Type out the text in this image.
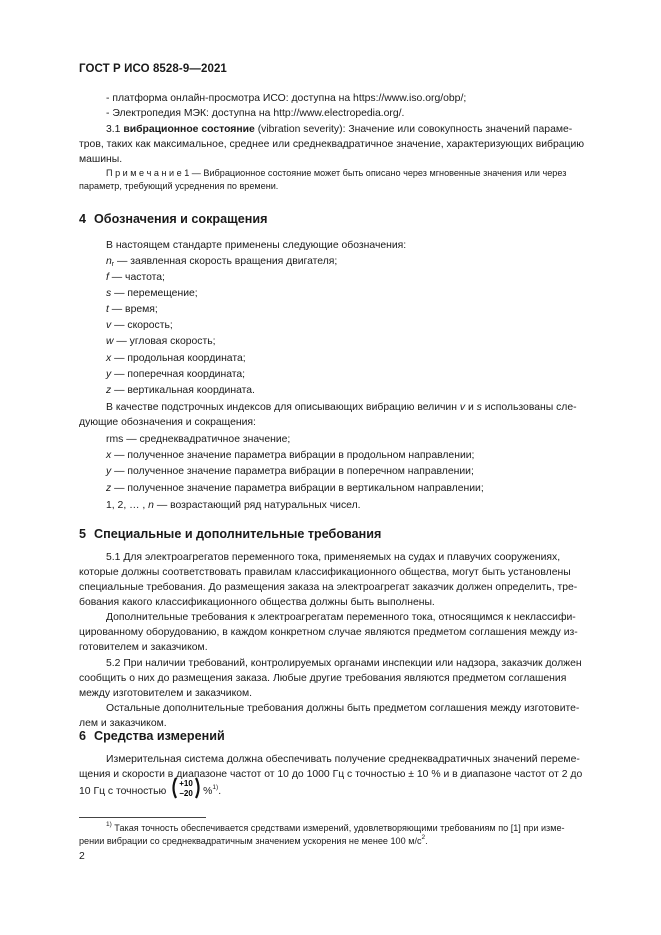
ГОСТ Р ИСО 8528-9—2021
- платформа онлайн-просмотра ИСО: доступна на https://www.iso.org/obp/;
- Электропедия МЭК: доступна на http://www.electropedia.org/.
3.1 вибрационное состояние (vibration severity): Значение или совокупность значений параме-
тров, таких как максимальное, среднее или среднеквадратичное значение, характеризующих вибрацию
машины.
П р и м е ч а н и е 1 — Вибрационное состояние может быть описано через мгновенные значения или через
параметр, требующий усреднения по времени.
4 Обозначения и сокращения
В настоящем стандарте применены следующие обозначения:
$n_r$ — заявленная скорость вращения двигателя;
f — частота;
s — перемещение;
t — время;
v — скорость;
w — угловая скорость;
x — продольная координата;
y — поперечная координата;
z — вертикальная координата.
В качестве подстрочных индексов для описывающих вибрацию величин v и s использованы сле-
дующие обозначения и сокращения:
rms — среднеквадратичное значение;
x — полученное значение параметра вибрации в продольном направлении;
y — полученное значение параметра вибрации в поперечном направлении;
z — полученное значение параметра вибрации в вертикальном направлении;
1, 2, … , n — возрастающий ряд натуральных чисел.
5 Специальные и дополнительные требования
5.1 Для электроагрегатов переменного тока, применяемых на судах и плавучих сооружениях,
которые должны соответствовать правилам классификационного общества, могут быть установлены
специальные требования. До размещения заказа на электроагрегат заказчик должен определить, тре-
бования какого классификационного общества должны быть выполнены.
Дополнительные требования к электроагрегатам переменного тока, относящимся к неклассифи-
цированному оборудованию, в каждом конкретном случае являются предметом соглашения между из-
готовителем и заказчиком.
5.2 При наличии требований, контролируемых органами инспекции или надзора, заказчик должен
сообщить о них до размещения заказа. Любые другие требования являются предметом соглашения
между изготовителем и заказчиком.
Остальные дополнительные требования должны быть предметом соглашения между изготовите-
лем и заказчиком.
6 Средства измерений
Измерительная система должна обеспечивать получение среднеквадратичных значений переме-
щения и скорости в диапазоне частот от 10 до 1000 Гц с точностью ± 10 % и в диапазоне частот от 2 до
10 Гц с точностью
+10
−20 %$^{1)}$.
$^{1)}$ Такая точность обеспечивается средствами измерений, удовлетворяющими требованиям по [1] при изме-
рении вибрации со среднеквадратичным значением ускорения не менее 100 $м/с^2$.
2
